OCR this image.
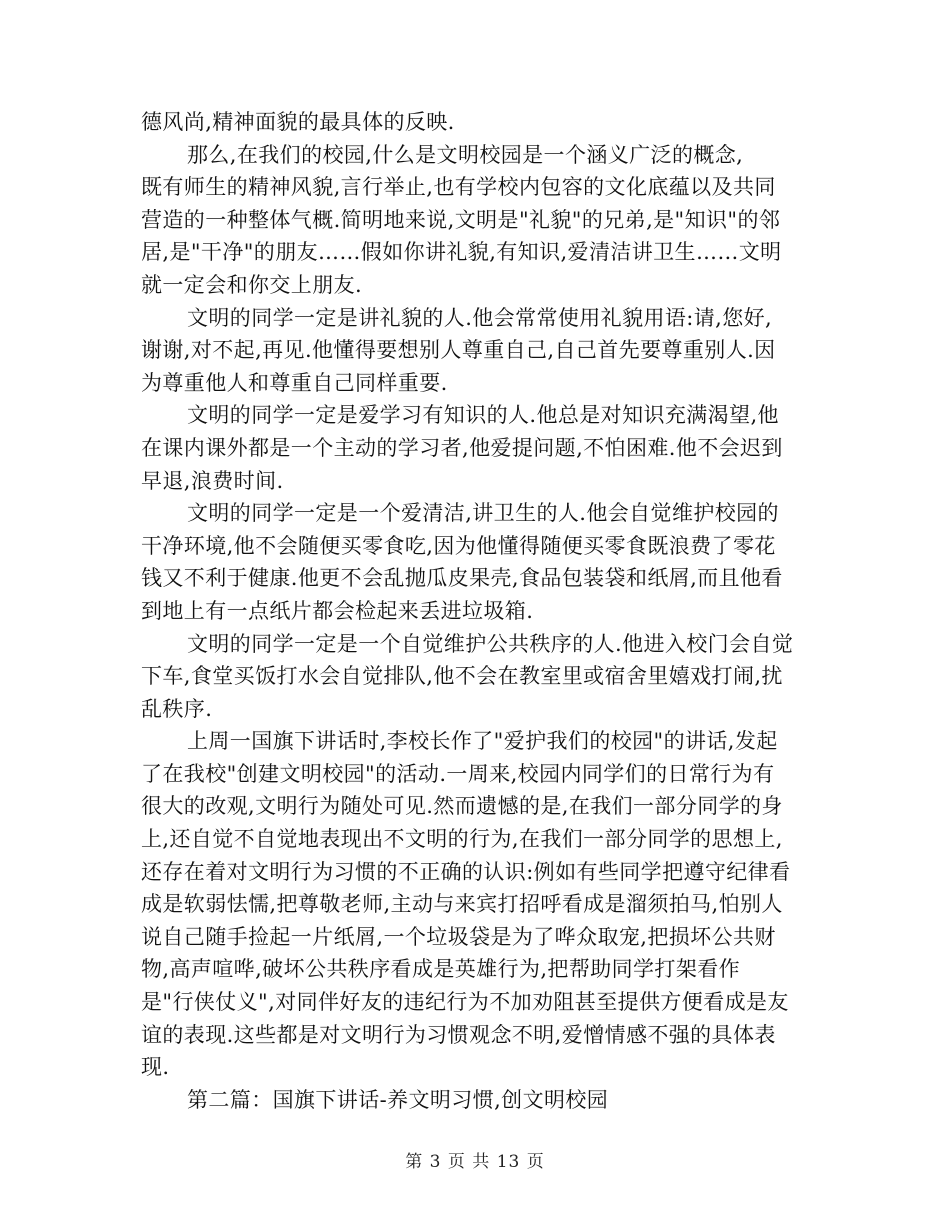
德风尚,精神面貌的最具体的反映.
那么,在我们的校园,什么是文明校园是一个涵义广泛的概念,
既有师生的精神风貌,言行举止,也有学校内包容的文化底蕴以及共同
营造的一种整体气概.简明地来说,文明是"礼貌"的兄弟,是"知识"的邻
居,是"干净"的朋友……假如你讲礼貌,有知识,爱清洁讲卫生……文明
就一定会和你交上朋友.
文明的同学一定是讲礼貌的人.他会常常使用礼貌用语:请,您好,
谢谢,对不起,再见.他懂得要想别人尊重自己,自己首先要尊重别人.因
为尊重他人和尊重自己同样重要.
文明的同学一定是爱学习有知识的人.他总是对知识充满渴望,他
在课内课外都是一个主动的学习者,他爱提问题,不怕困难.他不会迟到
早退,浪费时间.
文明的同学一定是一个爱清洁,讲卫生的人.他会自觉维护校园的
干净环境,他不会随便买零食吃,因为他懂得随便买零食既浪费了零花
钱又不利于健康.他更不会乱抛瓜皮果壳,食品包装袋和纸屑,而且他看
到地上有一点纸片都会检起来丢进垃圾箱.
文明的同学一定是一个自觉维护公共秩序的人.他进入校门会自觉
下车,食堂买饭打水会自觉排队,他不会在教室里或宿舍里嬉戏打闹,扰
乱秩序.
上周一国旗下讲话时,李校长作了"爱护我们的校园"的讲话,发起
了在我校"创建文明校园"的活动.一周来,校园内同学们的日常行为有
很大的改观,文明行为随处可见.然而遗憾的是,在我们一部分同学的身
上,还自觉不自觉地表现出不文明的行为,在我们一部分同学的思想上,
还存在着对文明行为习惯的不正确的认识:例如有些同学把遵守纪律看
成是软弱怯懦,把尊敬老师,主动与来宾打招呼看成是溜须拍马,怕别人
说自己随手捡起一片纸屑,一个垃圾袋是为了哗众取宠,把损坏公共财
物,高声喧哗,破坏公共秩序看成是英雄行为,把帮助同学打架看作
是"行侠仗义",对同伴好友的违纪行为不加劝阻甚至提供方便看成是友
谊的表现.这些都是对文明行为习惯观念不明,爱憎情感不强的具体表
现.
第二篇：国旗下讲话-养文明习惯,创文明校园
第 3 页 共 13 页
